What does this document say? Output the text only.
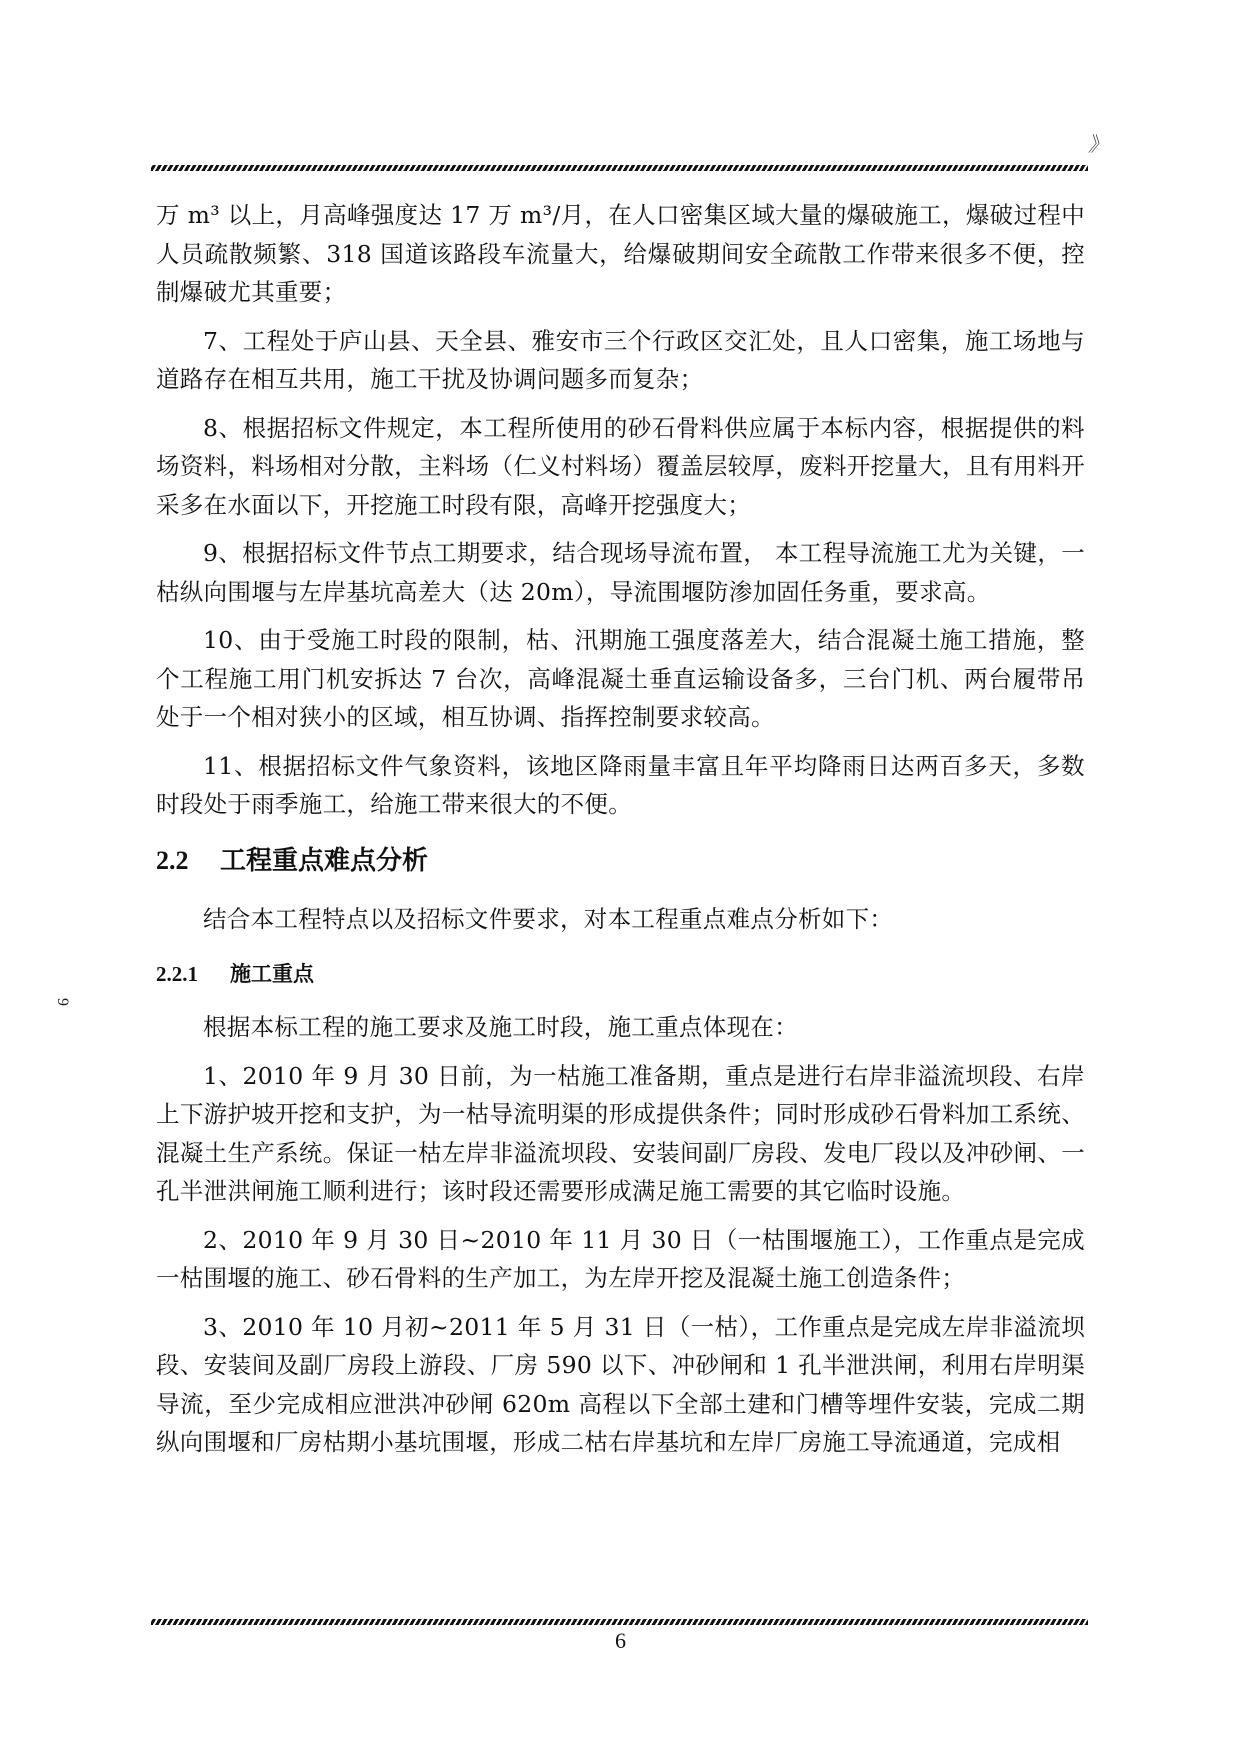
》
9

万 m³ 以上，月高峰强度达 17 万 m³/月，在人口密集区域大量的爆破施工，爆破过程中人员疏散频繁、318 国道该路段车流量大，给爆破期间安全疏散工作带来很多不便，控制爆破尤其重要；

7、工程处于庐山县、天全县、雅安市三个行政区交汇处，且人口密集，施工场地与道路存在相互共用，施工干扰及协调问题多而复杂；

8、根据招标文件规定，本工程所使用的砂石骨料供应属于本标内容，根据提供的料场资料，料场相对分散，主料场（仁义村料场）覆盖层较厚，废料开挖量大，且有用料开采多在水面以下，开挖施工时段有限，高峰开挖强度大；

9、根据招标文件节点工期要求，结合现场导流布置， 本工程导流施工尤为关键，一枯纵向围堰与左岸基坑高差大（达 20m），导流围堰防渗加固任务重，要求高。

10、由于受施工时段的限制，枯、汛期施工强度落差大，结合混凝土施工措施，整个工程施工用门机安拆达 7 台次，高峰混凝土垂直运输设备多，三台门机、两台履带吊处于一个相对狭小的区域，相互协调、指挥控制要求较高。

11、根据招标文件气象资料，该地区降雨量丰富且年平均降雨日达两百多天，多数时段处于雨季施工，给施工带来很大的不便。

2.2 工程重点难点分析

结合本工程特点以及招标文件要求，对本工程重点难点分析如下：

2.2.1 施工重点

根据本标工程的施工要求及施工时段，施工重点体现在：

1、2010 年 9 月 30 日前，为一枯施工准备期，重点是进行右岸非溢流坝段、右岸上下游护坡开挖和支护，为一枯导流明渠的形成提供条件；同时形成砂石骨料加工系统、混凝土生产系统。保证一枯左岸非溢流坝段、安装间副厂房段、发电厂段以及冲砂闸、一孔半泄洪闸施工顺利进行；该时段还需要形成满足施工需要的其它临时设施。

2、2010 年 9 月 30 日~2010 年 11 月 30 日（一枯围堰施工），工作重点是完成一枯围堰的施工、砂石骨料的生产加工，为左岸开挖及混凝土施工创造条件；

3、2010 年 10 月初~2011 年 5 月 31 日（一枯），工作重点是完成左岸非溢流坝段、安装间及副厂房段上游段、厂房 590 以下、冲砂闸和 1 孔半泄洪闸，利用右岸明渠导流，至少完成相应泄洪冲砂闸 620m 高程以下全部土建和门槽等埋件安装，完成二期纵向围堰和厂房枯期小基坑围堰，形成二枯右岸基坑和左岸厂房施工导流通道，完成相

6
